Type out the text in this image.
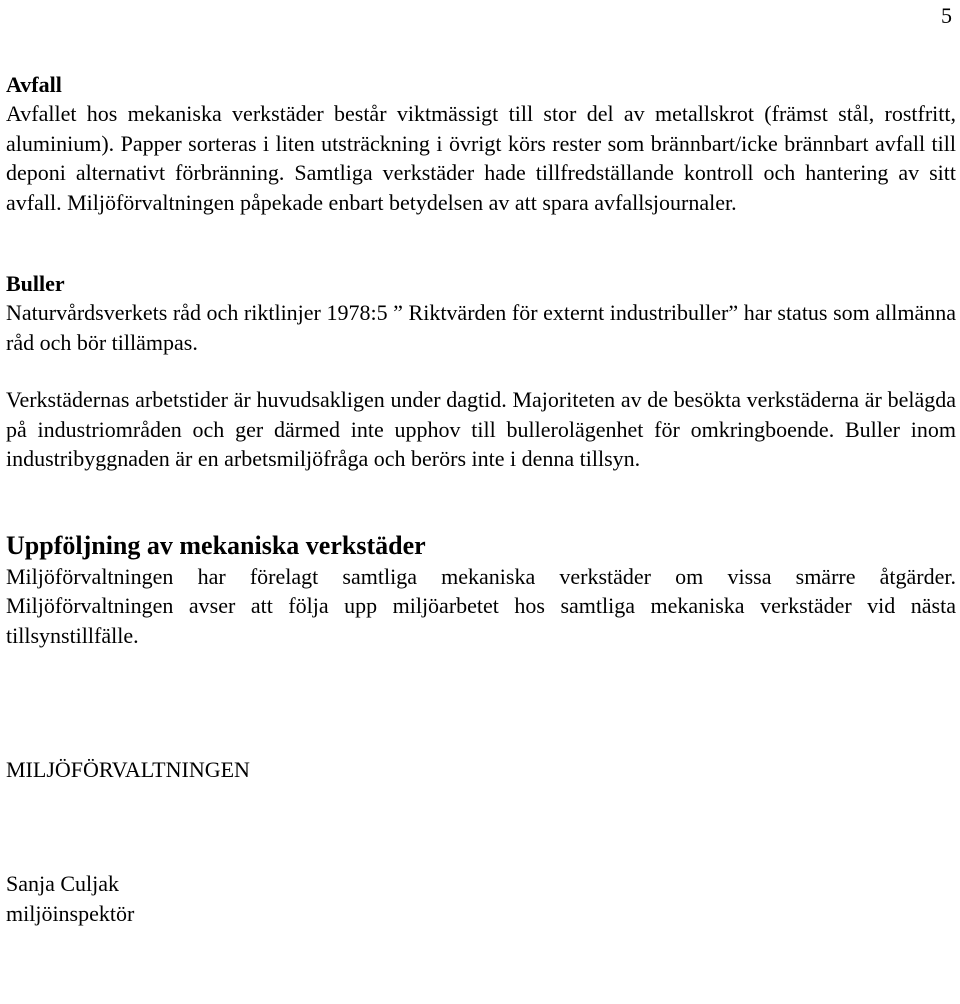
5
Avfall

Avfallet hos mekaniska verkstäder består viktmässigt till stor del av metallskrot (främst stål, rostfritt, aluminium). Papper sorteras i liten utsträckning i övrigt körs rester som brännbart/icke brännbart avfall till deponi alternativt förbränning. Samtliga verkstäder hade tillfredställande kontroll och hantering av sitt avfall. Miljöförvaltningen påpekade enbart betydelsen av att spara avfallsjournaler.

Buller

Naturvårdsverkets råd och riktlinjer 1978:5 ” Riktvärden för externt industribuller” har status som allmänna råd och bör tillämpas.

Verkstädernas arbetstider är huvudsakligen under dagtid. Majoriteten av de besökta verkstäderna är belägda på industriområden och ger därmed inte upphov till bullerolägenhet för omkringboende. Buller inom industribyggnaden är en arbetsmiljöfråga och berörs inte i denna tillsyn.

Uppföljning av mekaniska verkstäder

Miljöförvaltningen har förelagt samtliga mekaniska verkstäder om vissa smärre åtgärder. Miljöförvaltningen avser att följa upp miljöarbetet hos samtliga mekaniska verkstäder vid nästa tillsynstillfälle.

MILJÖFÖRVALTNINGEN

Sanja Culjak

miljöinspektör
